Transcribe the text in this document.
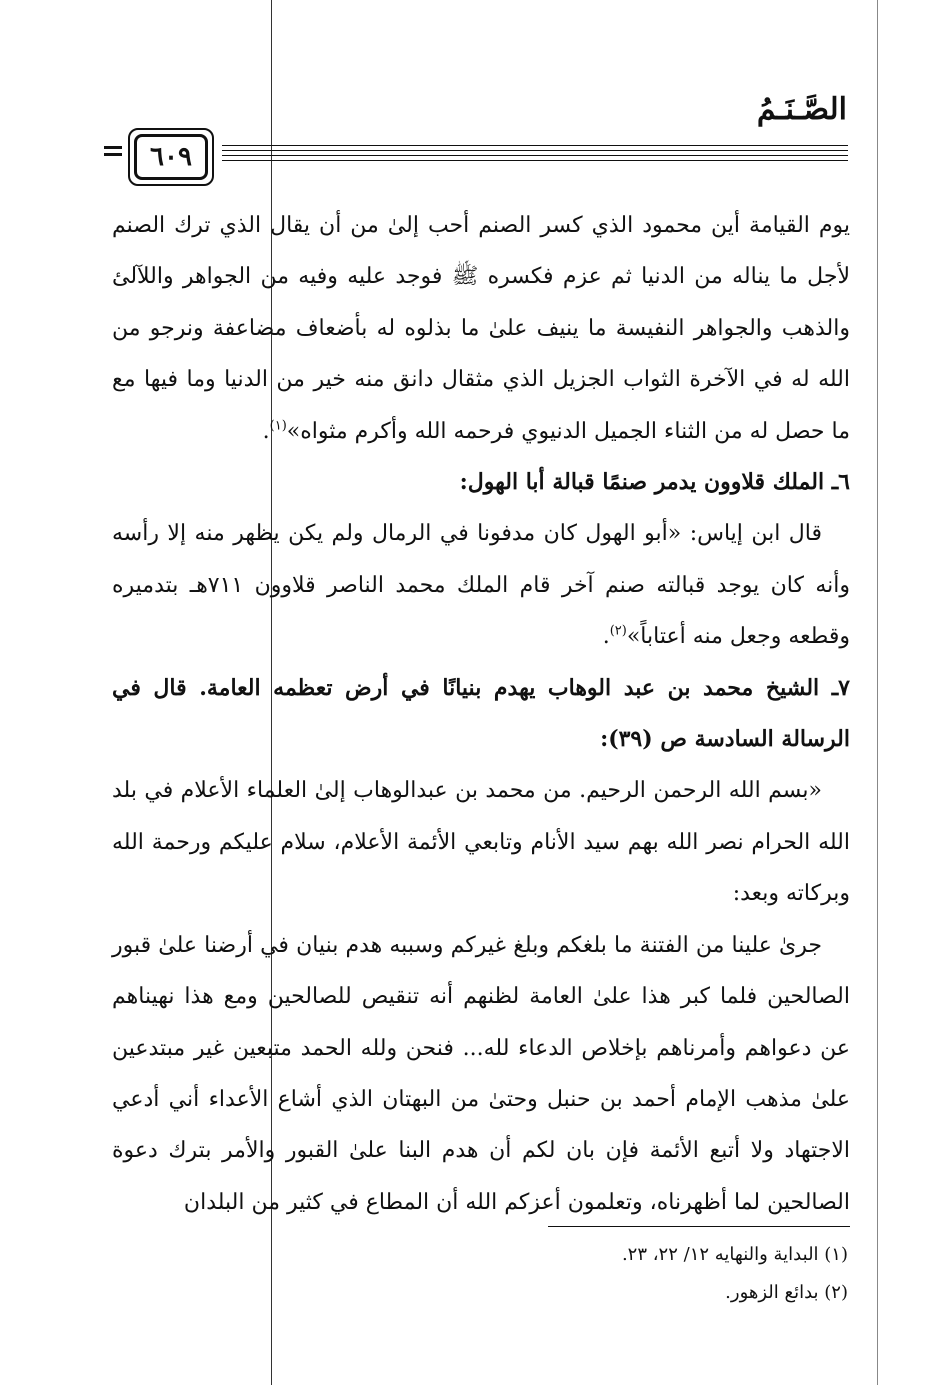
الصَّـنَـمُ
٦٠٩

يوم القيامة أين محمود الذي كسر الصنم أحب إلىٰ من أن يقال الذي ترك الصنم لأجل ما يناله من الدنيا ثم عزم فكسره ﷺ فوجد عليه وفيه من الجواهر واللآلئ والذهب والجواهر النفيسة ما ينيف علىٰ ما بذلوه له بأضعاف مضاعفة ونرجو من الله له في الآخرة الثواب الجزيل الذي مثقال دانق منه خير من الدنيا وما فيها مع ما حصل له من الثناء الجميل الدنيوي فرحمه الله وأكرم مثواه»$^{(١)}$.

٦ـ الملك قلاوون يدمر صنمًا قبالة أبا الهول:

قال ابن إياس: «أبو الهول كان مدفونا في الرمال ولم يكن يظهر منه إلا رأسه وأنه كان يوجد قبالته صنم آخر قام الملك محمد الناصر قلاوون ٧١١هـ بتدميره وقطعه وجعل منه أعتاباً»$^{(٢)}$.

٧ـ الشيخ محمد بن عبد الوهاب يهدم بنيانًا في أرض تعظمه العامة. قال في الرسالة السادسة ص (٣٩):

«بسم الله الرحمن الرحيم. من محمد بن عبدالوهاب إلىٰ العلماء الأعلام في بلد الله الحرام نصر الله بهم سيد الأنام وتابعي الأئمة الأعلام، سلام عليكم ورحمة الله وبركاته وبعد:

جرىٰ علينا من الفتنة ما بلغكم وبلغ غيركم وسببه هدم بنيان في أرضنا علىٰ قبور الصالحين فلما كبر هذا علىٰ العامة لظنهم أنه تنقيص للصالحين ومع هذا نهيناهم عن دعواهم وأمرناهم بإخلاص الدعاء لله... فنحن ولله الحمد متبعين غير مبتدعين علىٰ مذهب الإمام أحمد بن حنبل وحتىٰ من البهتان الذي أشاع الأعداء أني أدعي الاجتهاد ولا أتبع الأئمة فإن بان لكم أن هدم البنا علىٰ القبور والأمر بترك دعوة الصالحين لما أظهرناه، وتعلمون أعزكم الله أن المطاع في كثير من البلدان

(١) البداية والنهايه ١٢/ ٢٢، ٢٣.
(٢) بدائع الزهور.
